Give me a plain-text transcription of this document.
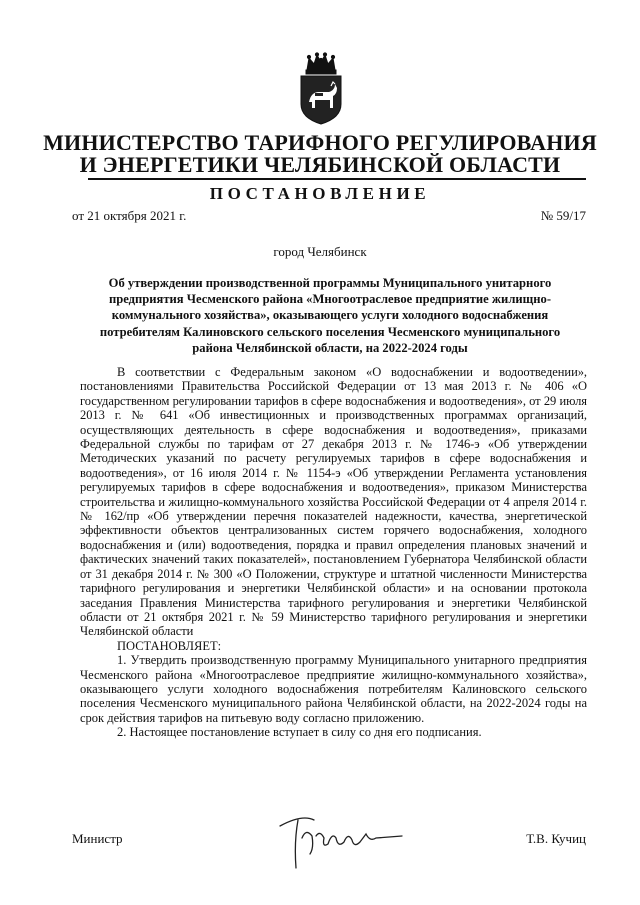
МИНИСТЕРСТВО ТАРИФНОГО РЕГУЛИРОВАНИЯ
И ЭНЕРГЕТИКИ ЧЕЛЯБИНСКОЙ ОБЛАСТИ
ПОСТАНОВЛЕНИЕ
от 21 октября 2021 г.	№ 59/17
город Челябинск
Об утверждении производственной программы Муниципального унитарного предприятия Чесменского района «Многоотраслевое предприятие жилищно-коммунального хозяйства», оказывающего услуги холодного водоснабжения потребителям Калиновского сельского поселения Чесменского муниципального района Челябинской области, на 2022-2024 годы

В соответствии с Федеральным законом «О водоснабжении и водоотведении», постановлениями Правительства Российской Федерации от 13 мая 2013 г. № 406 «О государственном регулировании тарифов в сфере водоснабжения и водоотведения», от 29 июля 2013 г. № 641 «Об инвестиционных и производственных программах организаций, осуществляющих деятельность в сфере водоснабжения и водоотведения», приказами Федеральной службы по тарифам от 27 декабря 2013 г. № 1746-э «Об утверждении Методических указаний по расчету регулируемых тарифов в сфере водоснабжения и водоотведения», от 16 июля 2014 г. № 1154-э «Об утверждении Регламента установления регулируемых тарифов в сфере водоснабжения и водоотведения», приказом Министерства строительства и жилищно-коммунального хозяйства Российской Федерации от 4 апреля 2014 г. № 162/пр «Об утверждении перечня показателей надежности, качества, энергетической эффективности объектов централизованных систем горячего водоснабжения, холодного водоснабжения и (или) водоотведения, порядка и правил определения плановых значений и фактических значений таких показателей», постановлением Губернатора Челябинской области от 31 декабря 2014 г. № 300 «О Положении, структуре и штатной численности Министерства тарифного регулирования и энергетики Челябинской области» и на основании протокола заседания Правления Министерства тарифного регулирования и энергетики Челябинской области от 21 октября 2021 г. № 59 Министерство тарифного регулирования и энергетики Челябинской области

ПОСТАНОВЛЯЕТ:

1. Утвердить производственную программу Муниципального унитарного предприятия Чесменского района «Многоотраслевое предприятие жилищно-коммунального хозяйства», оказывающего услуги холодного водоснабжения потребителям Калиновского сельского поселения Чесменского муниципального района Челябинской области, на 2022-2024 годы на срок действия тарифов на питьевую воду согласно приложению.

2. Настоящее постановление вступает в силу со дня его подписания.

Министр	Т.В. Кучиц
